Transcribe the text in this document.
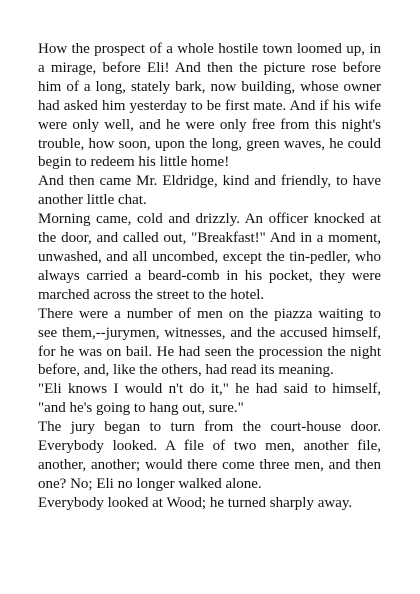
How the prospect of a whole hostile town loomed up, in a mirage, before Eli! And then the picture rose before him of a long, stately bark, now building, whose owner had asked him yesterday to be first mate. And if his wife were only well, and he were only free from this night's trouble, how soon, upon the long, green waves, he could begin to redeem his little home!

And then came Mr. Eldridge, kind and friendly, to have another little chat.

Morning came, cold and drizzly. An officer knocked at the door, and called out, "Breakfast!" And in a moment, unwashed, and all uncombed, except the tin-pedler, who always carried a beard-comb in his pocket, they were marched across the street to the hotel.

There were a number of men on the piazza waiting to see them,--jurymen, witnesses, and the accused himself, for he was on bail. He had seen the procession the night before, and, like the others, had read its meaning.

"Eli knows I would n't do it," he had said to himself, "and he's going to hang out, sure."

The jury began to turn from the court-house door. Everybody looked. A file of two men, another file, another, another; would there come three men, and then one? No; Eli no longer walked alone.

Everybody looked at Wood; he turned sharply away.
